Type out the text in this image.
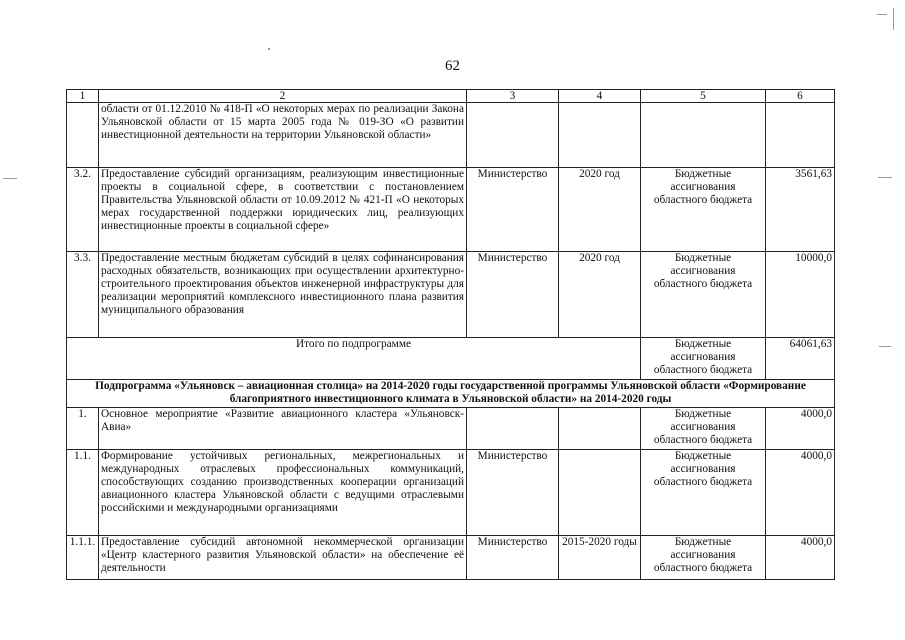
62
1	2	3	4	5	6
	области от 01.12.2010 № 418-П «О некоторых мерах по реализации Закона Ульяновской области от 15 марта 2005 года № 019-ЗО «О развитии инвестиционной деятельности на территории Ульяновской области»				
3.2.	Предоставление субсидий организациям, реализующим инвестиционные проекты в социальной сфере, в соответствии с постановлением Правительства Ульяновской области от 10.09.2012 № 421-П «О некоторых мерах государственной поддержки юридических лиц, реализующих инвестиционные проекты в социальной сфере»	Министерство	2020 год	Бюджетные ассигнования областного бюджета	3561,63
3.3.	Предоставление местным бюджетам субсидий в целях софинансирования расходных обязательств, возникающих при осуществлении архитектурно-строительного проектирования объектов инженерной инфраструктуры для реализации мероприятий комплексного инвестиционного плана развития муниципального образования	Министерство	2020 год	Бюджетные ассигнования областного бюджета	10000,0
Итого по подпрограмме				Бюджетные ассигнования областного бюджета	64061,63
Подпрограмма «Ульяновск – авиационная столица» на 2014-2020 годы государственной программы Ульяновской области «Формирование благоприятного инвестиционного климата в Ульяновской области» на 2014-2020 годы					
1.	Основное мероприятие «Развитие авиационного кластера «Ульяновск-Авиа»			Бюджетные ассигнования областного бюджета	4000,0
1.1.	Формирование устойчивых региональных, межрегиональных и международных отраслевых профессиональных коммуникаций, способствующих созданию производственных кооперации организаций авиационного кластера Ульяновской области с ведущими отраслевыми российскими и международными организациями	Министерство		Бюджетные ассигнования областного бюджета	4000,0
1.1.1.	Предоставление субсидий автономной некоммерческой организации «Центр кластерного развития Ульяновской области» на обеспечение её деятельности	Министерство	2015-2020 годы	Бюджетные ассигнования областного бюджета	4000,0
